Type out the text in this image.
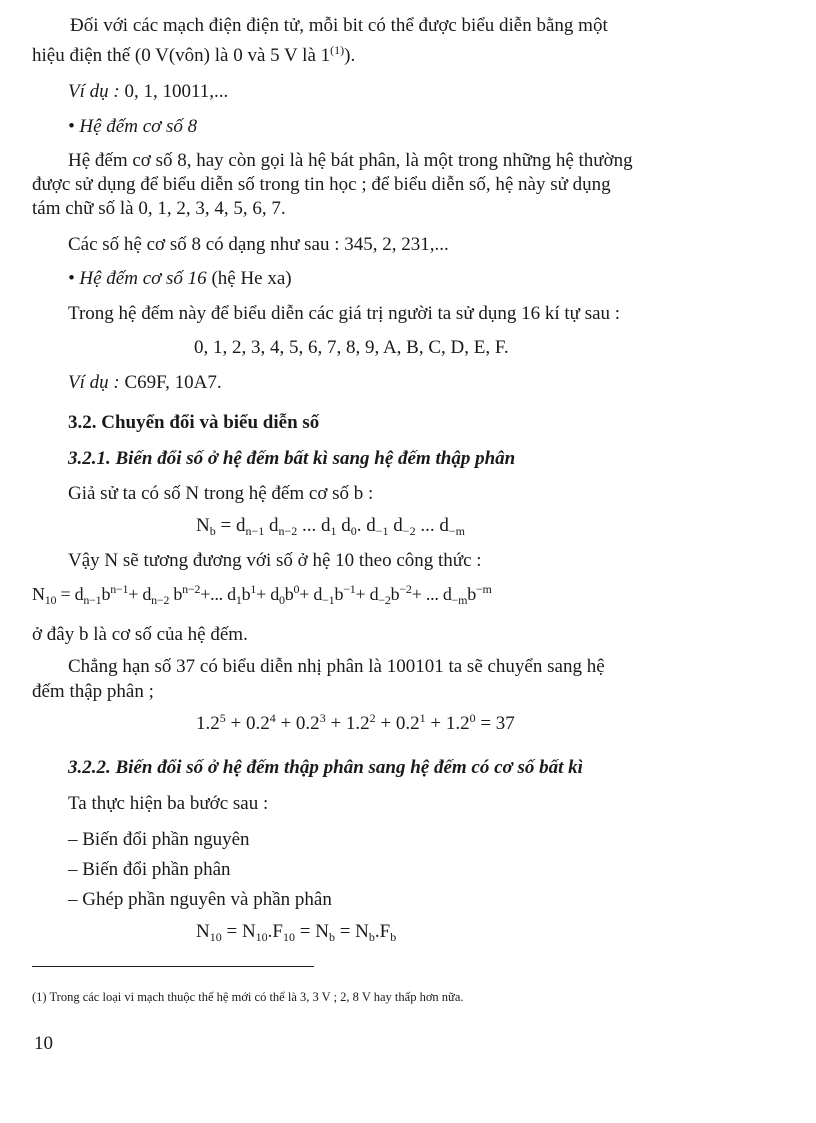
Đối với các mạch điện điện tử, mỗi bit có thể được biểu diễn bằng một
hiệu điện thế (0 V(vôn) là 0 và 5 V là 1$^{(1)}$).
Ví dụ : 0, 1, 10011,...
• Hệ đếm cơ số 8
Hệ đếm cơ số 8, hay còn gọi là hệ bát phân, là một trong những hệ thường
được sử dụng để biểu diễn số trong tin học ; để biểu diễn số, hệ này sử dụng
tám chữ số là 0, 1, 2, 3, 4, 5, 6, 7.
Các số hệ cơ số 8 có dạng như sau : 345, 2, 231,...
• Hệ đếm cơ số 16 (hệ He xa)
Trong hệ đếm này để biểu diễn các giá trị người ta sử dụng 16 kí tự sau :
0, 1, 2, 3, 4, 5, 6, 7, 8, 9, A, B, C, D, E, F.
Ví dụ : C69F, 10A7.
3.2. Chuyển đổi và biểu diễn số
3.2.1. Biến đổi số ở hệ đếm bất kì sang hệ đếm thập phân
Giả sử ta có số N trong hệ đếm cơ số b :
$N_b = d_{n-1}$ $d_{n-2}$ ... $d_1$ $d_0$. $d_{-1}$ $d_{-2}$ ... $d_{-m}$
Vậy N sẽ tương đương với số ở hệ 10 theo công thức :
$N_{10} = d_{n-1}b^{n-1}+ d_{n-2}$ $b^{n-2}+$... $d_1b^1+ d_0b^0+ d_{-1}b^{-1}+ d_{-2}b^{-2}+$ ... $d_{-m}b^{-m}$
ở đây b là cơ số của hệ đếm.
Chẳng hạn số 37 có biểu diễn nhị phân là 100101 ta sẽ chuyển sang hệ
đếm thập phân ;
$1.2^5 + 0.2^4 + 0.2^3 + 1.2^2 + 0.2^1 + 1.2^0 = 37$
3.2.2. Biến đổi số ở hệ đếm thập phân sang hệ đếm có cơ số bất kì
Ta thực hiện ba bước sau :
– Biến đổi phần nguyên
– Biến đổi phần phân
– Ghép phần nguyên và phần phân
$N_{10} = N_{10}.F_{10} = N_b = N_b.F_b$
(1) Trong các loại vi mạch thuộc thế hệ mới có thể là 3, 3 V ; 2, 8 V hay thấp hơn nữa.
10
